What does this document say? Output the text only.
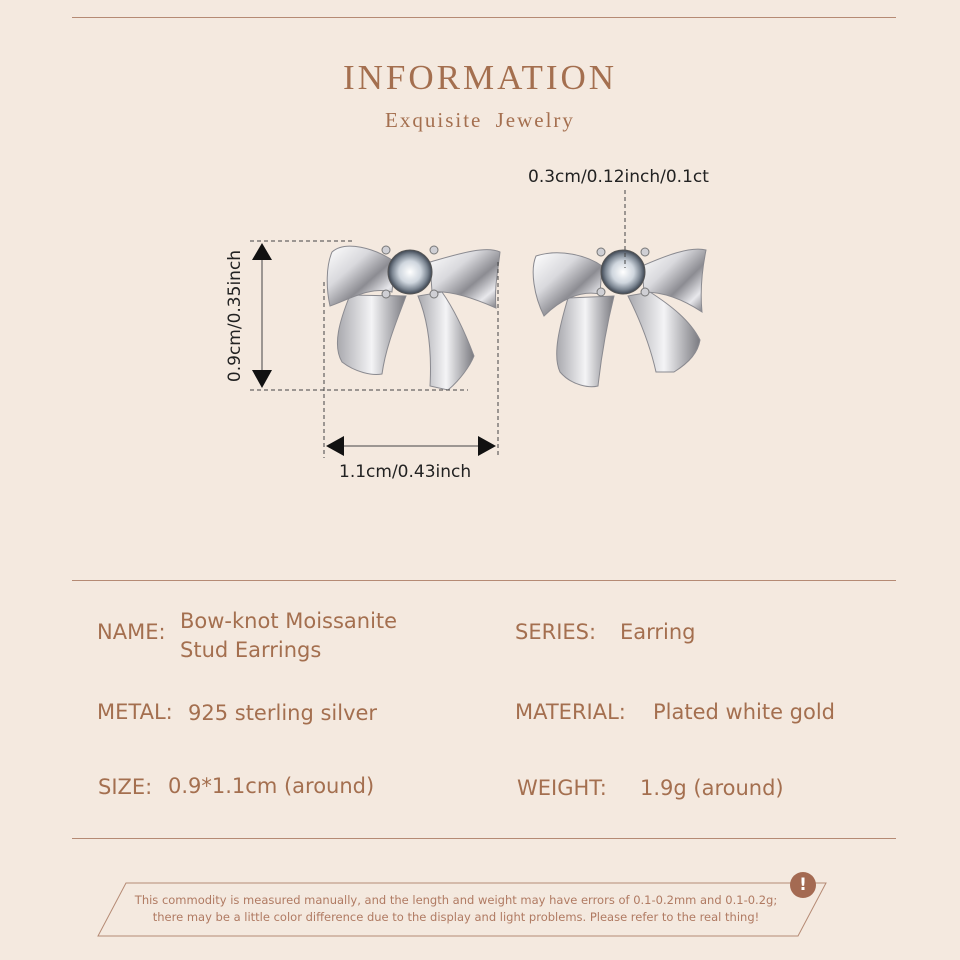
INFORMATION
Exquisite Jewelry
0.3cm/0.12inch/0.1ct
0.9cm/0.35inch
1.1cm/0.43inch
NAME: Bow-knot Moissanite
Stud Earrings
SERIES: Earring
METAL: 925 sterling silver	MATERIAL: Plated white gold
SIZE: 0.9*1.1cm (around)	WEIGHT: 1.9g (around)
This commodity is measured manually, and the length and weight may have errors of 0.1-0.2mm and 0.1-0.2g;
there may be a little color difference due to the display and light problems. Please refer to the real thing!
!
